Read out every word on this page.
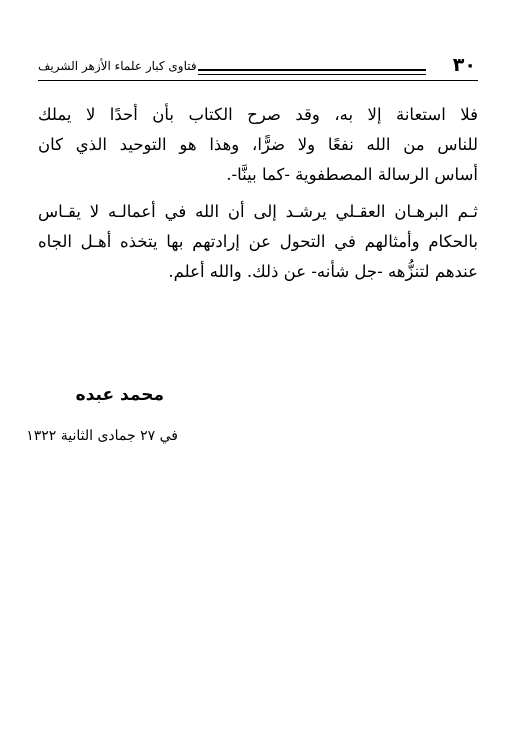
فتاوى كبار علماء الأزهر الشريف	٣٠
فلا استعانة إلا به، وقد صرح الكتاب بأن أحدًا لا يملك
للناس من الله نفعًا ولا ضرًّا، وهذا هو التوحيد الذي كان
أساس الرسالة المصطفوية -كما بينَّا-.
ثـم البرهـان العقـلي يرشـد إلى أن الله في أعمالـه لا يقـاس
بالحكام وأمثالهم في التحول عن إرادتهم بها يتخذه أهـل الجاه
عندهم لتنزُّهه -جل شأنه- عن ذلك. والله أعلم.
محمد عبده
في ٢٧ جمادى الثانية ١٣٢٢
